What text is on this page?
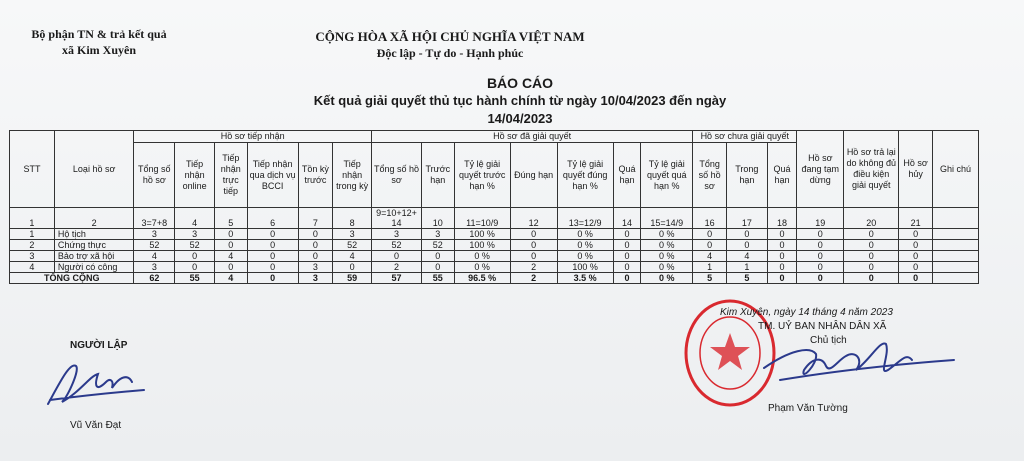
Bộ phận TN & trả kết quả
xã Kim Xuyên
CỘNG HÒA XÃ HỘI CHỦ NGHĨA VIỆT NAM
Độc lập - Tự do - Hạnh phúc
BÁO CÁO
Kết quả giải quyết thủ tục hành chính từ ngày 10/04/2023 đến ngày 14/04/2023
STT	Loại hồ sơ	Hồ sơ tiếp nhận						Hồ sơ đã giải quyết							Hồ sơ chưa giải quyết			Hồ sơ đang tạm dừng	Hồ sơ trả lại do không đủ điều kiện giải quyết	Hồ sơ hủy	Ghi chú
		Tổng số hồ sơ	Tiếp nhận online	Tiếp nhận trực tiếp	Tiếp nhận qua dịch vụ BCCI	Tồn kỳ trước	Tiếp nhận trong kỳ	Tổng số hồ sơ	Trước hạn	Tỷ lệ giải quyết trước hạn %	Đúng hạn	Tỷ lệ giải quyết đúng hạn %	Quá hạn	Tỷ lệ giải quyết quá hạn %	Tổng số hồ sơ	Trong hạn	Quá hạn				
1	2	3=7+8	4	5	6	7	8	9=10+12+ 14	10	11=10/9	12	13=12/9	14	15=14/9	16	17	18	19	20	21	
1	Hộ tịch	3	3	0	0	0	3	3	3	100 %	0	0 %	0	0 %	0	0	0	0	0	0	
2	Chứng thực	52	52	0	0	0	52	52	52	100 %	0	0 %	0	0 %	0	0	0	0	0	0	
3	Bảo trợ xã hội	4	0	4	0	0	4	0	0	0 %	0	0 %	0	0 %	4	4	0	0	0	0	
4	Người có công	3	0	0	0	3	0	2	0	0 %	2	100 %	0	0 %	1	1	0	0	0	0	
TỔNG CỘNG		62	55	4	0	3	59	57	55	96.5 %	2	3.5 %	0	0 %	5	5	0	0	0	0	
NGƯỜI LẬP
Vũ Văn Đạt
Kim Xuyên, ngày 14 tháng 4 năm 2023
TM. UỶ BAN NHÂN DÂN XÃ
Chủ tịch
Phạm Văn Tường
